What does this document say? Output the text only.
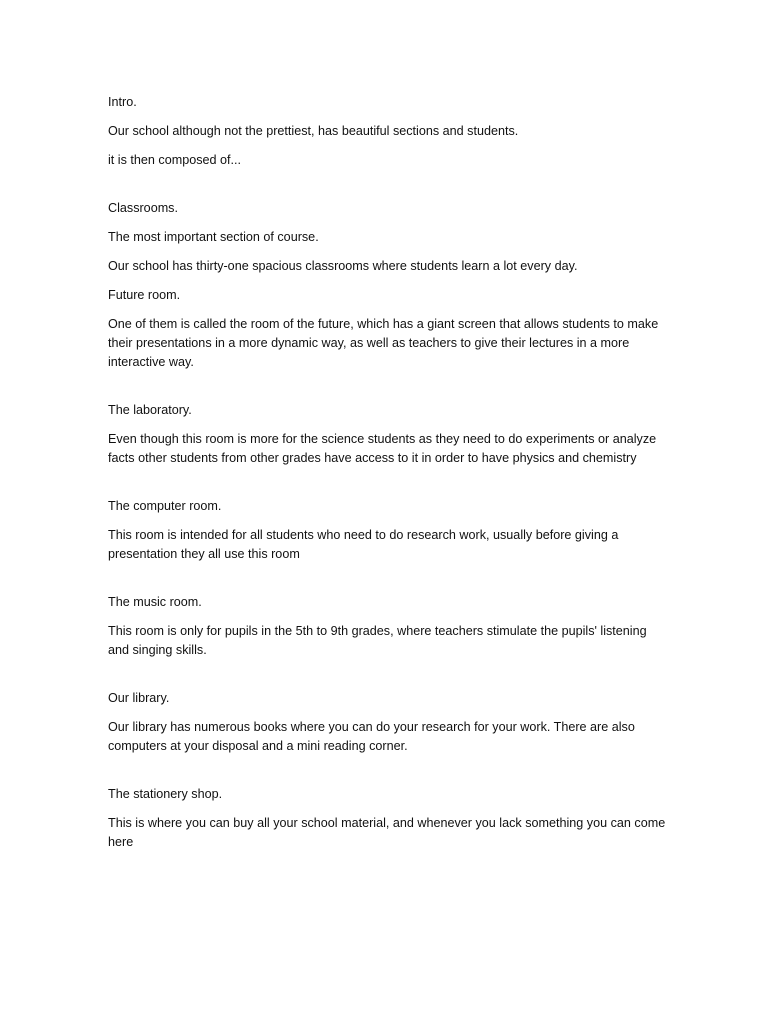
Intro.

Our school although not the prettiest, has beautiful sections and students.

it is then composed of...

Classrooms.

The most important section of course.

Our school has thirty-one spacious classrooms where students learn a lot every day.

Future room.

One of them is called the room of the future, which has a giant screen that allows students to make their presentations in a more dynamic way, as well as teachers to give their lectures in a more interactive way.

The laboratory.

Even though this room is more for the science students as they need to do experiments or analyze facts other students from other grades have access to it in order to have physics and chemistry

The computer room.

This room is intended for all students who need to do research work, usually before giving a presentation they all use this room

The music room.

This room is only for pupils in the 5th to 9th grades, where teachers stimulate the pupils' listening and singing skills.

Our library.

Our library has numerous books where you can do your research for your work. There are also computers at your disposal and a mini reading corner.

The stationery shop.

This is where you can buy all your school material, and whenever you lack something you can come here
